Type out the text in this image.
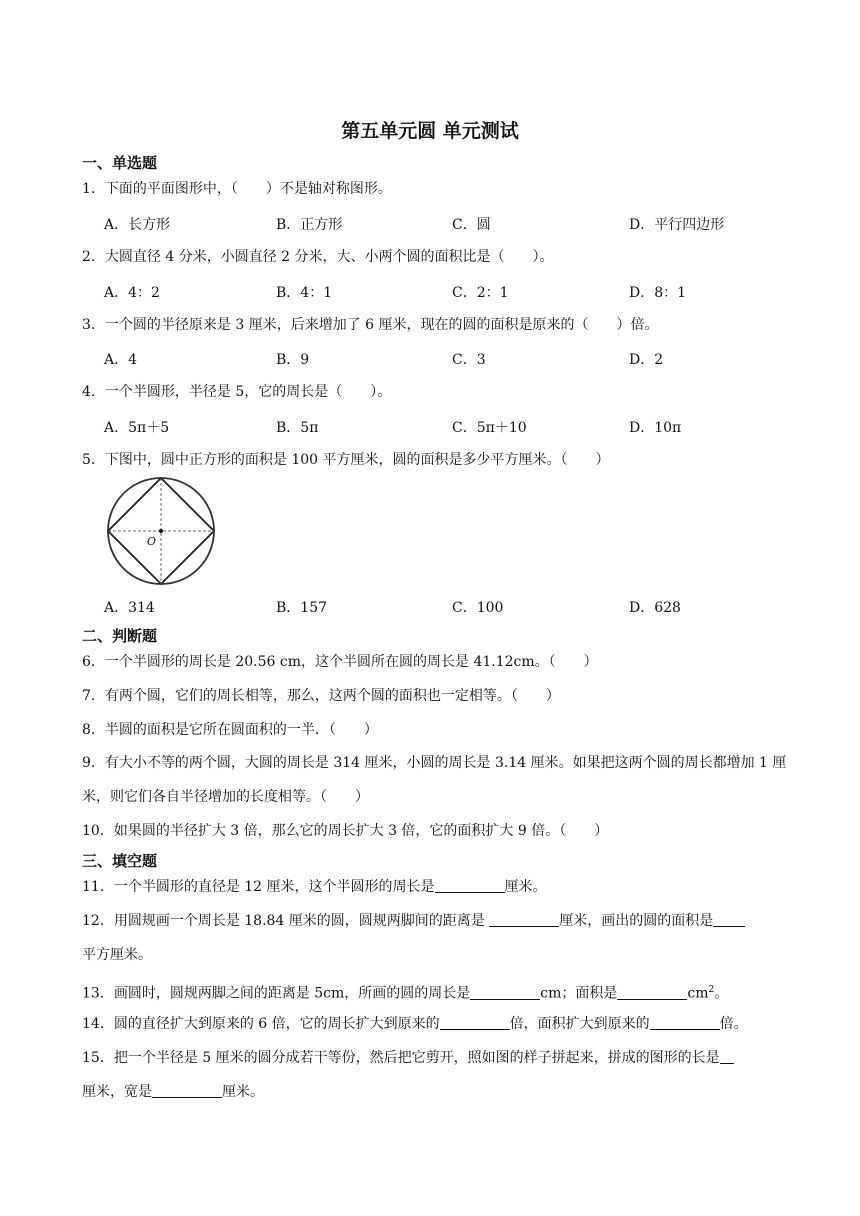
第五单元圆 单元测试
一、单选题
1．下面的平面图形中，（　　）不是轴对称图形。
A．长方形	B．正方形	C．圆	D．平行四边形
2．大圆直径 4 分米，小圆直径 2 分米，大、小两个圆的面积比是（　　）。
A．4：2	B．4：1	C．2：1	D．8：1
3．一个圆的半径原来是 3 厘米，后来增加了 6 厘米，现在的圆的面积是原来的（　　）倍。
A．4	B．9	C．3	D．2
4．一个半圆形，半径是 5，它的周长是（　　）。
A．5π＋5	B．5π	C．5π＋10	D．10π
5．下图中，圆中正方形的面积是 100 平方厘米，圆的面积是多少平方厘米。（　　）
O
A．314	B．157	C．100	D．628
二、判断题
6．一个半圆形的周长是 20.56 cm，这个半圆所在圆的周长是 41.12cm。（　　）
7．有两个圆，它们的周长相等，那么，这两个圆的面积也一定相等。（　　）
8．半圆的面积是它所在圆面积的一半．（　　）
9．有大小不等的两个圆，大圆的周长是 314 厘米，小圆的周长是 3.14 厘米。如果把这两个圆的周长都增加 1 厘米，则它们各自半径增加的长度相等。（　　）
10．如果圆的半径扩大 3 倍，那么它的周长扩大 3 倍，它的面积扩大 9 倍。（　　）
三、填空题
11．一个半圆形的直径是 12 厘米，这个半圆形的周长是	厘米。
12．用圆规画一个周长是 18.84 厘米的圆，圆规两脚间的距离是	厘米，画出的圆的面积是
平方厘米。
13．画圆时，圆规两脚之间的距离是 5cm，所画的圆的周长是	cm；面积是	$cm^2$。
14．圆的直径扩大到原来的 6 倍，它的周长扩大到原来的	倍，面积扩大到原来的	倍。
15．把一个半径是 5 厘米的圆分成若干等份，然后把它剪开，照如图的样子拼起来，拼成的图形的长是
厘米，宽是	厘米。
